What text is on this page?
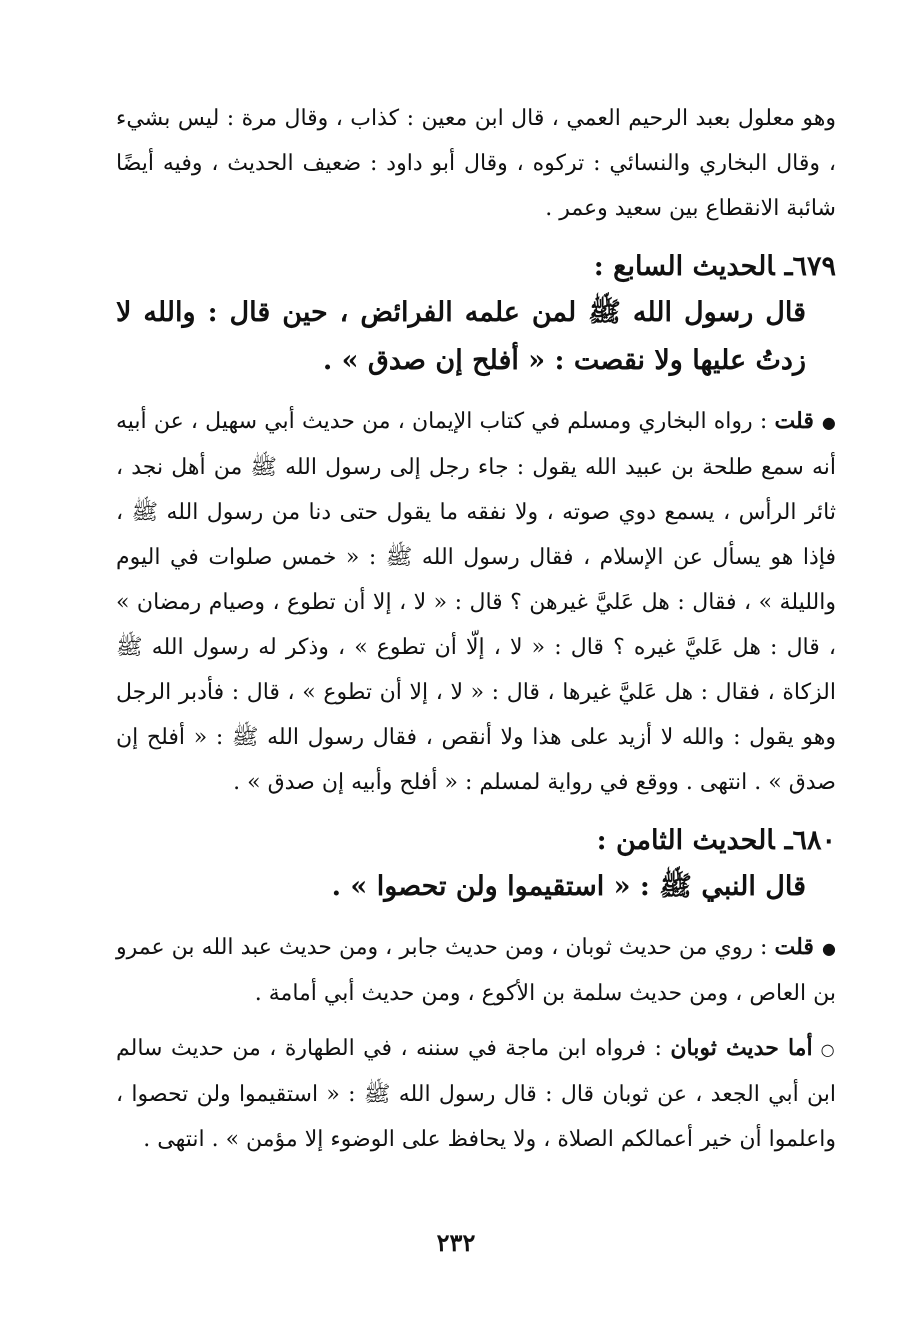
وهو معلول بعبد الرحيم العمي ، قال ابن معين : كذاب ، وقال مرة : ليس بشيء ، وقال البخاري والنسائي : تركوه ، وقال أبو داود : ضعيف الحديث ، وفيه أيضًا شائبة الانقطاع بين سعيد وعمر .

٦٧٩ـالحديث السابع :

قال رسول الله ﷺ لمن علمه الفرائض ، حين قال : والله لا زدتُ عليها ولا نقصت : « أفلح إن صدق » .

●قلت : رواه البخاري ومسلم في كتاب الإيمان ، من حديث أبي سهيل ، عن أبيه أنه سمع طلحة بن عبيد الله يقول : جاء رجل إلى رسول الله ﷺ من أهل نجد ، ثائر الرأس ، يسمع دوي صوته ، ولا نفقه ما يقول حتى دنا من رسول الله ﷺ ، فإذا هو يسأل عن الإسلام ، فقال رسول الله ﷺ : « خمس صلوات في اليوم والليلة » ، فقال : هل عَليَّ غيرهن ؟ قال : « لا ، إلا أن تطوع ، وصيام رمضان » ، قال : هل عَليَّ غيره ؟ قال : « لا ، إلّا أن تطوع » ، وذكر له رسول الله ﷺ الزكاة ، فقال : هل عَليَّ غيرها ، قال : « لا ، إلا أن تطوع » ، قال : فأدبر الرجل وهو يقول : والله لا أزيد على هذا ولا أنقص ، فقال رسول الله ﷺ : « أفلح إن صدق » . انتهى . ووقع في رواية لمسلم : « أفلح وأبيه إن صدق » .

٦٨٠ـالحديث الثامن :

قال النبي ﷺ : « استقيموا ولن تحصوا » .

●قلت : روي من حديث ثوبان ، ومن حديث جابر ، ومن حديث عبد الله بن عمرو بن العاص ، ومن حديث سلمة بن الأكوع ، ومن حديث أبي أمامة .

○أما حديث ثوبان : فرواه ابن ماجة في سننه ، في الطهارة ، من حديث سالم ابن أبي الجعد ، عن ثوبان قال : قال رسول الله ﷺ : « استقيموا ولن تحصوا ، واعلموا أن خير أعمالكم الصلاة ، ولا يحافظ على الوضوء إلا مؤمن » . انتهى .

٢٣٢
